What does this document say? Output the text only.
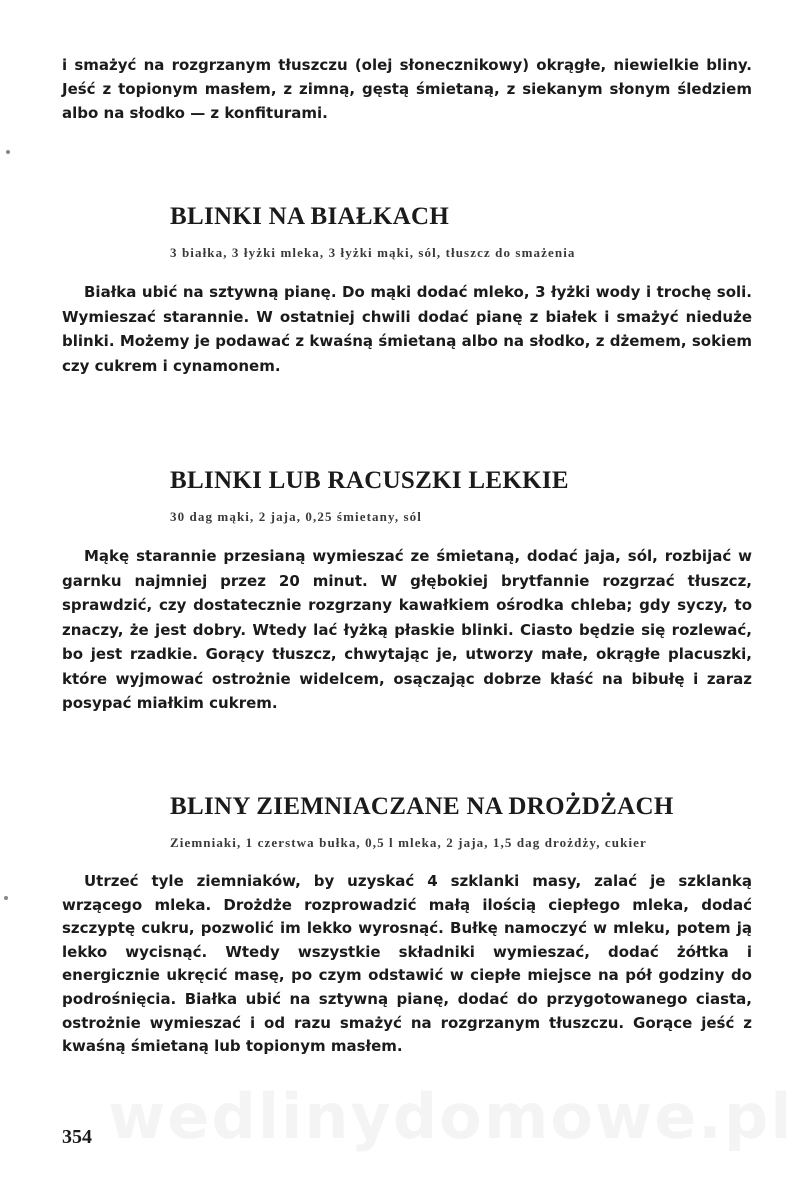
i smażyć na rozgrzanym tłuszczu (olej słonecznikowy) okrągłe, niewielkie bliny. Jeść z topionym masłem, z zimną, gęstą śmietaną, z siekanym słonym śledziem albo na słodko — z konfiturami.

BLINKI NA BIAŁKACH

3 białka, 3 łyżki mleka, 3 łyżki mąki, sól, tłuszcz do smażenia

Białka ubić na sztywną pianę. Do mąki dodać mleko, 3 łyżki wody i trochę soli. Wymieszać starannie. W ostatniej chwili dodać pianę z białek i smażyć nieduże blinki. Możemy je podawać z kwaśną śmietaną albo na słodko, z dżemem, sokiem czy cukrem i cynamonem.

BLINKI LUB RACUSZKI LEKKIE

30 dag mąki, 2 jaja, 0,25 śmietany, sól

Mąkę starannie przesianą wymieszać ze śmietaną, dodać jaja, sól, rozbijać w garnku najmniej przez 20 minut. W głębokiej brytfannie rozgrzać tłuszcz, sprawdzić, czy dostatecznie rozgrzany kawałkiem ośrodka chleba; gdy syczy, to znaczy, że jest dobry. Wtedy lać łyżką płaskie blinki. Ciasto będzie się rozlewać, bo jest rzadkie. Gorący tłuszcz, chwytając je, utworzy małe, okrągłe placuszki, które wyjmować ostrożnie widelcem, osączając dobrze kłaść na bibułę i zaraz posypać miałkim cukrem.

BLINY ZIEMNIACZANE NA DROŻDŻACH

Ziemniaki, 1 czerstwa bułka, 0,5 l mleka, 2 jaja, 1,5 dag drożdży, cukier

Utrzeć tyle ziemniaków, by uzyskać 4 szklanki masy, zalać je szklanką wrzącego mleka. Drożdże rozprowadzić małą ilością ciepłego mleka, dodać szczyptę cukru, pozwolić im lekko wyrosnąć. Bułkę namoczyć w mleku, potem ją lekko wycisnąć. Wtedy wszystkie składniki wymieszać, dodać żółtka i energicznie ukręcić masę, po czym odstawić w ciepłe miejsce na pół godziny do podrośnięcia. Białka ubić na sztywną pianę, dodać do przygotowanego ciasta, ostrożnie wymieszać i od razu smażyć na rozgrzanym tłuszczu. Gorące jeść z kwaśną śmietaną lub topionym masłem.

354
